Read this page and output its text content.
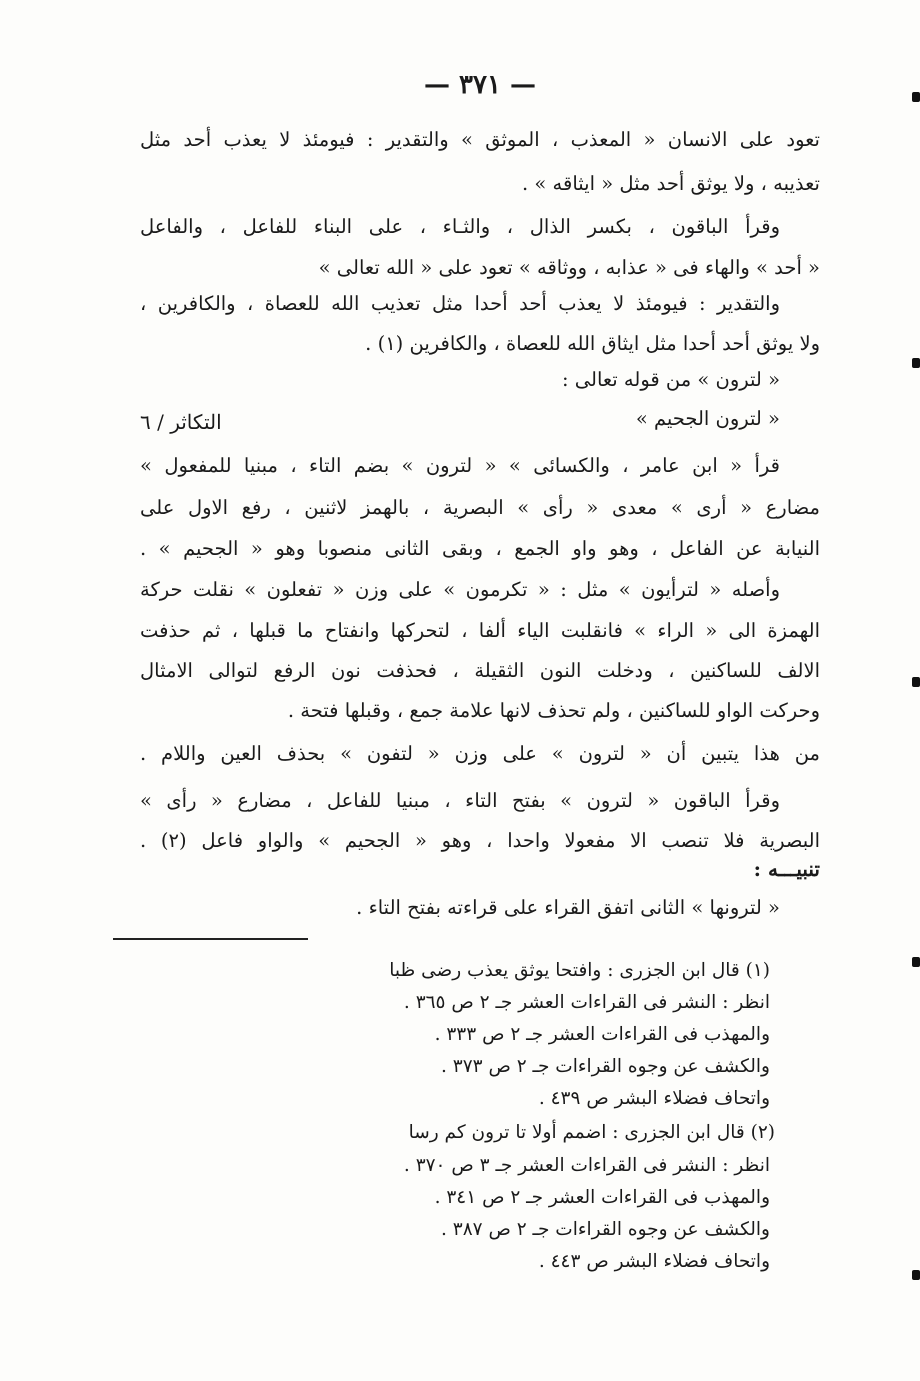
— ٣٧١ —
تعود على الانسان « المعذب ، الموثق » والتقدير : فيومئذ لا يعذب أحد مثل
تعذيبه ، ولا يوثق أحد مثل « ايثاقه » .
وقرأ الباقون ، بكسر الذال ، والثـاء ، على البناء للفاعل ، والفاعل
« أحد » والهاء فى « عذابه ، ووثاقه » تعود على « الله تعالى »
والتقدير : فيومئذ لا يعذب أحد أحدا مثل تعذيب الله للعصاة ، والكافرين ،
ولا يوثق أحد أحدا مثل ايثاق الله للعصاة ، والكافرين (١) .
« لترون » من قوله تعالى :
« لترون الجحيم »
قرأ « ابن عامر ، والكسائى » « لترون » بضم التاء ، مبنيا للمفعول »
مضارع « أرى » معدى « رأى » البصرية ، بالهمز لاثنين ، رفع الاول على
النيابة عن الفاعل ، وهو واو الجمع ، وبقى الثانى منصوبا وهو « الجحيم » .
وأصله « لترأيون » مثل : « تكرمون » على وزن « تفعلون » نقلت حركة
الهمزة الى « الراء » فانقلبت الياء ألفا ، لتحركها وانفتاح ما قبلها ، ثم حذفت
الالف للساكنين ، ودخلت النون الثقيلة ، فحذفت نون الرفع لتوالى الامثال
وحركت الواو للساكنين ، ولم تحذف لانها علامة جمع ، وقبلها فتحة .
من هذا يتبين أن « لترون » على وزن « لتفون » بحذف العين واللام .
وقرأ الباقون « لترون » بفتح التاء ، مبنيا للفاعل ، مضارع « رأى »
البصرية فلا تنصب الا مفعولا واحدا ، وهو « الجحيم » والواو فاعل (٢) .
« لترونها » الثانى اتفق القراء على قراءته بفتح التاء .
التكاثر / ٦
تنبيـــه :
(١) قال ابن الجزرى : وافتحا يوثق يعذب رضى ظبا
انظر : النشر فى القراءات العشر جـ ٢ ص ٣٦٥ .
والمهذب فى القراءات العشر جـ ٢ ص ٣٣٣ .
والكشف عن وجوه القراءات جـ ٢ ص ٣٧٣ .
واتحاف فضلاء البشر ص ٤٣٩ .
(٢) قال ابن الجزرى : اضمم أولا تا ترون كم رسا
انظر : النشر فى القراءات العشر جـ ٣ ص ٣٧٠ .
والمهذب فى القراءات العشر جـ ٢ ص ٣٤١ .
والكشف عن وجوه القراءات جـ ٢ ص ٣٨٧ .
واتحاف فضلاء البشر ص ٤٤٣ .
